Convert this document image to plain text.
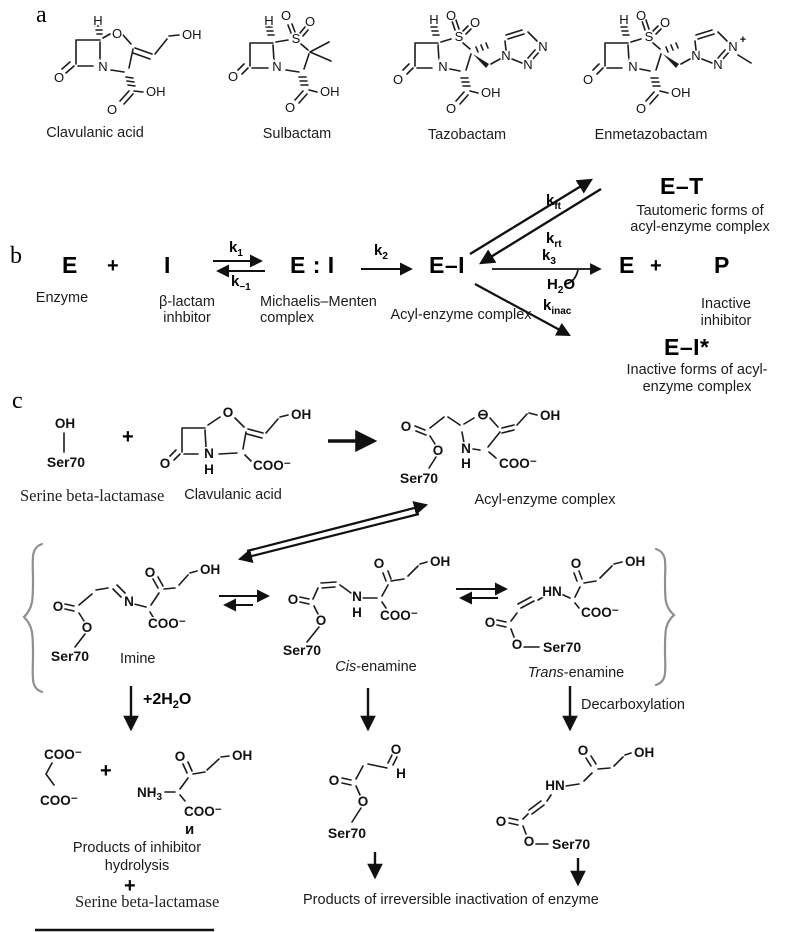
H
O	OH
O
N
O
OH
H O O
S
N
O
O
OH
H O O
S
N
N
N
N
O
O
OH
H O O
S
N
N
N
N
+
O
O
OH
OH
Ser70	O
N
H
O	OH
COO⁻
O
O
Ser70
⊖
N
H COO⁻
OH
O
O
Ser70
N
COO⁻
O	OH
O
O
Ser70
N
H COO⁻
O	OH
O
O Ser70
HN
COO⁻
O	OH
COO⁻
COO⁻
$NH_3$
O
COO⁻
OH	O
H
O
O
Ser70
O	OH
HN
O
O Ser70
a
b
c
Clavulanic acid	Sulbactam	Tazobactam	Enmetazobactam
E + I
$k_1$
$k_{-1}$
E : I
$k_2$ E–I
$k_{ft}$
$k_{rt}$
$k_3$
$H_2O$
$k_{inac}$
E–T
Tautomeric forms of
acyl-enzyme complex
E + P
Inactive
inhibitor
E–I*
Inactive forms of acyl-
enzyme complex
Enzyme	β-lactam
inhbitor
Michaelis–Menten
complex	Acyl-enzyme complex
Serine beta-lactamase
+
Clavulanic acid	Acyl-enzyme complex
Imine	Cis-enamine	Trans-enamine
$+2H_2O$	Decarboxylation
+
и
Products of inhibitor
hydrolysis
+
Serine beta-lactamase	Products of irreversible inactivation of enzyme
